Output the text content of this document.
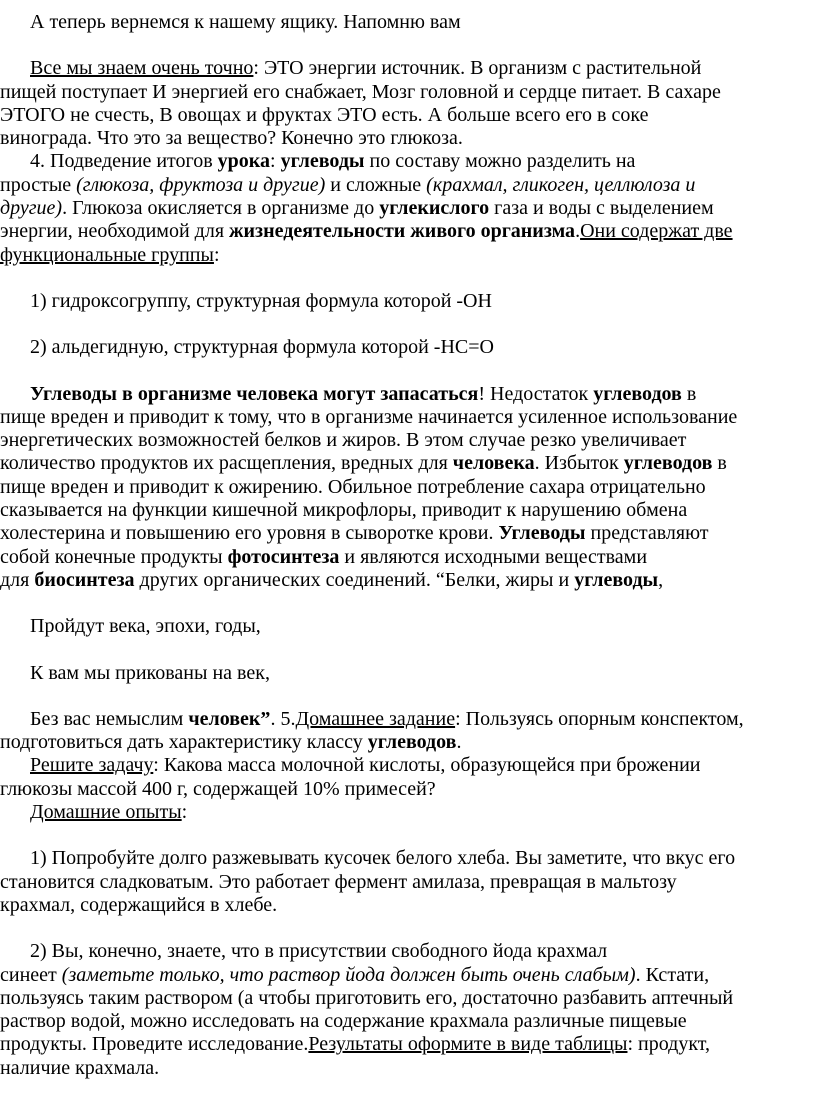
А теперь вернемся к нашему ящику. Напомню вам
Все мы знаем очень точно: ЭТО энергии источник. В организм с растительной
пищей поступает И энергией его снабжает, Мозг головной и сердце питает. В сахаре
ЭТОГО не счесть, В овощах и фруктах ЭТО есть. А больше всего его в соке
винограда. Что это за вещество? Конечно это глюкоза.
4. Подведение итогов урока: углеводы по составу можно разделить на
простые (глюкоза, фруктоза и другие) и сложные (крахмал, гликоген, целлюлоза и
другие). Глюкоза окисляется в организме до углекислого газа и воды с выделением
энергии, необходимой для жизнедеятельности живого организма.Они содержат две
функциональные группы:
1) гидроксогруппу, структурная формула которой -OH
2) альдегидную, структурная формула которой -HC=O
Углеводы в организме человека могут запасаться! Недостаток углеводов в
пище вреден и приводит к тому, что в организме начинается усиленное использование
энергетических возможностей белков и жиров. В этом случае резко увеличивает
количество продуктов их расщепления, вредных для человека. Избыток углеводов в
пище вреден и приводит к ожирению. Обильное потребление сахара отрицательно
сказывается на функции кишечной микрофлоры, приводит к нарушению обмена
холестерина и повышению его уровня в сыворотке крови. Углеводы представляют
собой конечные продукты фотосинтеза и являются исходными веществами
для биосинтеза других органических соединений. “Белки, жиры и углеводы,
Пройдут века, эпохи, годы,
К вам мы прикованы на век,
Без вас немыслим человек”. 5.Домашнее задание: Пользуясь опорным конспектом,
подготовиться дать характеристику классу углеводов.
Решите задачу: Какова масса молочной кислоты, образующейся при брожении
глюкозы массой 400 г, содержащей 10% примесей?
Домашние опыты:
1) Попробуйте долго разжевывать кусочек белого хлеба. Вы заметите, что вкус его
становится сладковатым. Это работает фермент амилаза, превращая в мальтозу
крахмал, содержащийся в хлебе.
2) Вы, конечно, знаете, что в присутствии свободного йода крахмал
синеет (заметьте только, что раствор йода должен быть очень слабым). Кстати,
пользуясь таким раствором (а чтобы приготовить его, достаточно разбавить аптечный
раствор водой, можно исследовать на содержание крахмала различные пищевые
продукты. Проведите исследование.Результаты оформите в виде таблицы: продукт,
наличие крахмала.
